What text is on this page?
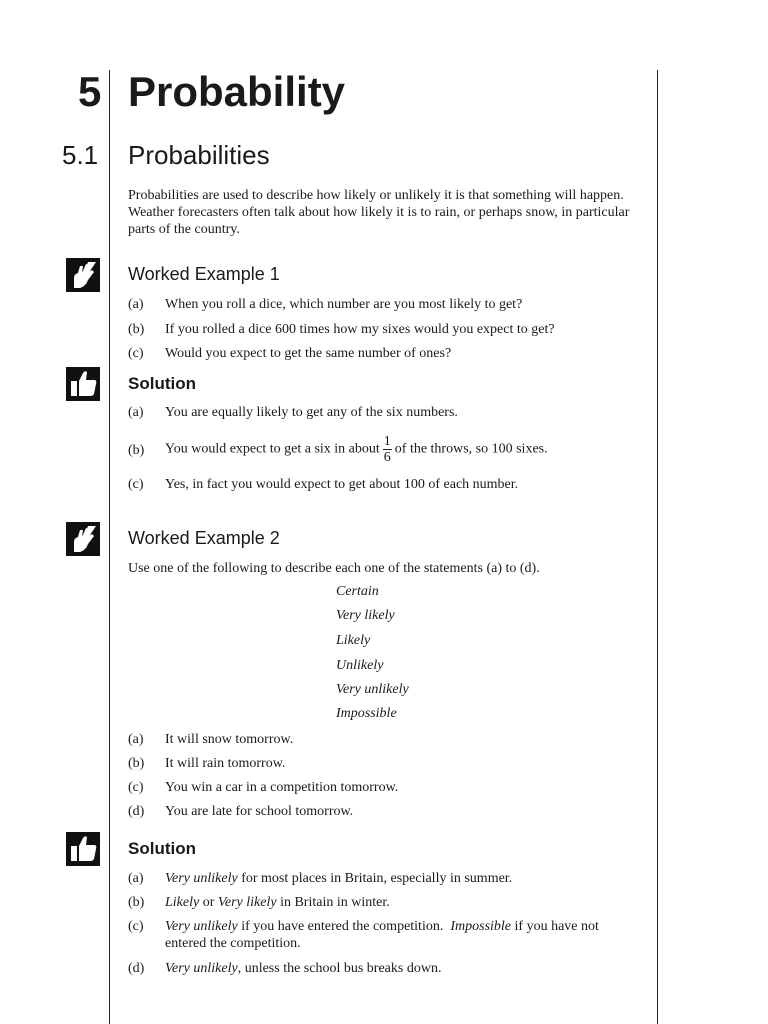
5 Probability
5.1 Probabilities
Probabilities are used to describe how likely or unlikely it is that something will happen. Weather forecasters often talk about how likely it is to rain, or perhaps snow, in particular parts of the country.
Worked Example 1
(a) When you roll a dice, which number are you most likely to get?
(b) If you rolled a dice 600 times how my sixes would you expect to get?
(c) Would you expect to get the same number of ones?
Solution
(a) You are equally likely to get any of the six numbers.
(b) You would expect to get a six in about $\frac{1}{6}$ of the throws, so 100 sixes.
(c) Yes, in fact you would expect to get about 100 of each number.
Worked Example 2
Use one of the following to describe each one of the statements (a) to (d).
Certain
Very likely
Likely
Unlikely
Very unlikely
Impossible
(a) It will snow tomorrow.
(b) It will rain tomorrow.
(c) You win a car in a competition tomorrow.
(d) You are late for school tomorrow.
Solution
(a) Very unlikely for most places in Britain, especially in summer.
(b) Likely or Very likely in Britain in winter.
(c) Very unlikely if you have entered the competition.  Impossible if you have not entered the competition.
(d) Very unlikely, unless the school bus breaks down.
